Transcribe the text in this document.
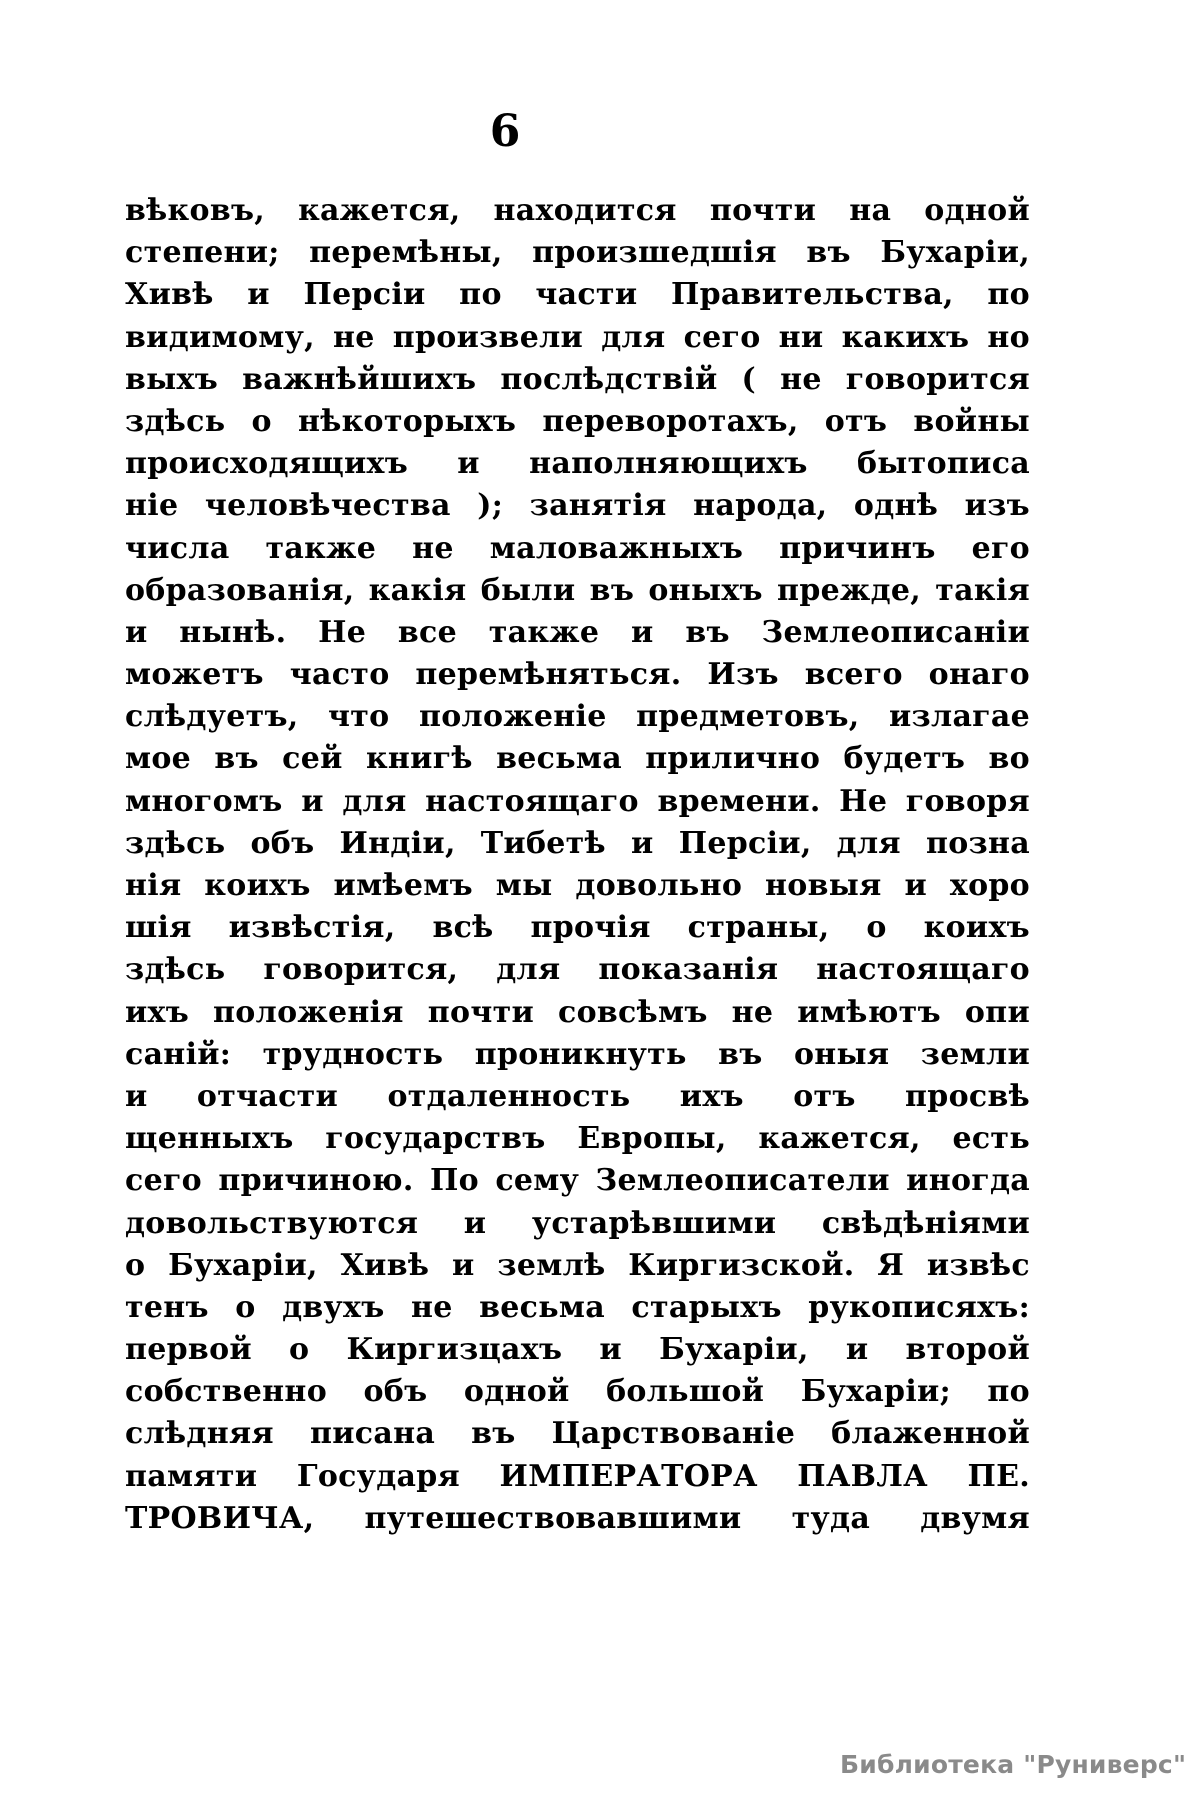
6
вѣковъ, кажется, находится почти на одной
степени; перемѣны, произшедшія въ Бухаріи,
Хивѣ и Персіи по части Правительства, по
видимому, не произвели для сего ни какихъ но
выхъ важнѣйшихъ послѣдствій ( не говорится
здѣсь о нѣкоторыхъ переворотахъ, отъ войны
происходящихъ и наполняющихъ бытописа
ніе человѣчества ); занятія народа, однѣ изъ
числа также не маловажныхъ причинъ его
образованія, какія были въ оныхъ прежде, такія
и нынѣ. Не все также и въ Землеописаніи
можетъ часто перемѣняться. Изъ всего онаго
слѣдуетъ, что положеніе предметовъ, излагае
мое въ сей книгѣ весьма прилично будетъ во
многомъ и для настоящаго времени. Не говоря
здѣсь объ Индіи, Тибетѣ и Персіи, для позна
нія коихъ имѣемъ мы довольно новыя и хоро
шія извѣстія, всѣ прочія страны, о коихъ
здѣсь говорится, для показанія настоящаго
ихъ положенія почти совсѣмъ не имѣютъ опи
саній: трудность проникнуть въ оныя земли
и отчасти отдаленность ихъ отъ просвѣ
щенныхъ государствъ Европы, кажется, есть
сего причиною. По сему Землеописатели иногда
довольствуются и устарѣвшими свѣдѣніями
о Бухаріи, Хивѣ и землѣ Киргизской. Я извѣс
тенъ о двухъ не весьма старыхъ рукописяхъ:
первой о Киргизцахъ и Бухаріи, и второй
собственно объ одной большой Бухаріи; по
слѣдняя писана въ Царствованіе блаженной
памяти Государя ИМПЕРАТОРА ПАВЛА ПЕ.
ТРОВИЧА, путешествовавшими туда двумя
Библиотека "Руниверс"
